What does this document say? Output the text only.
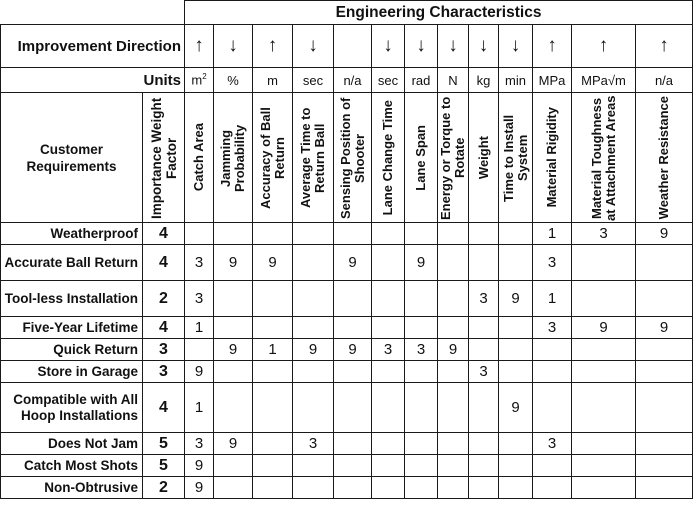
		Engineering Characteristics												
Improvement Direction		↑	↓	↑	↓		↓	↓	↓	↓	↓	↑	↑	↑
Units		$m^2$	%	m	sec	n/a	sec	rad	N	kg	min	MPa	MPa√m	n/a
Customer Requirements	Importance Weight Factor	Catch Area	Jamming Probability	Accuracy of Ball Return	Average Time to Return Ball	Sensing Position of Shooter	Lane Change Time	Lane Span	Energy or Torque to Rotate	Weight	Time to Install System	Material Rigidity	Material Toughness at Attachment Areas	Weather Resistance

Weatherproof	4											1	3	9
Accurate Ball Return	4	3	9	9		9		9				3		
Tool-less Installation	2	3								3	9	1		
Five-Year Lifetime	4	1										3	9	9
Quick Return	3		9	1	9	9	3	3	9					
Store in Garage	3	9								3				
Compatible with All Hoop Installations	4	1									9			
Does Not Jam	5	3	9		3							3		
Catch Most Shots	5	9												
Non-Obtrusive	2	9												
